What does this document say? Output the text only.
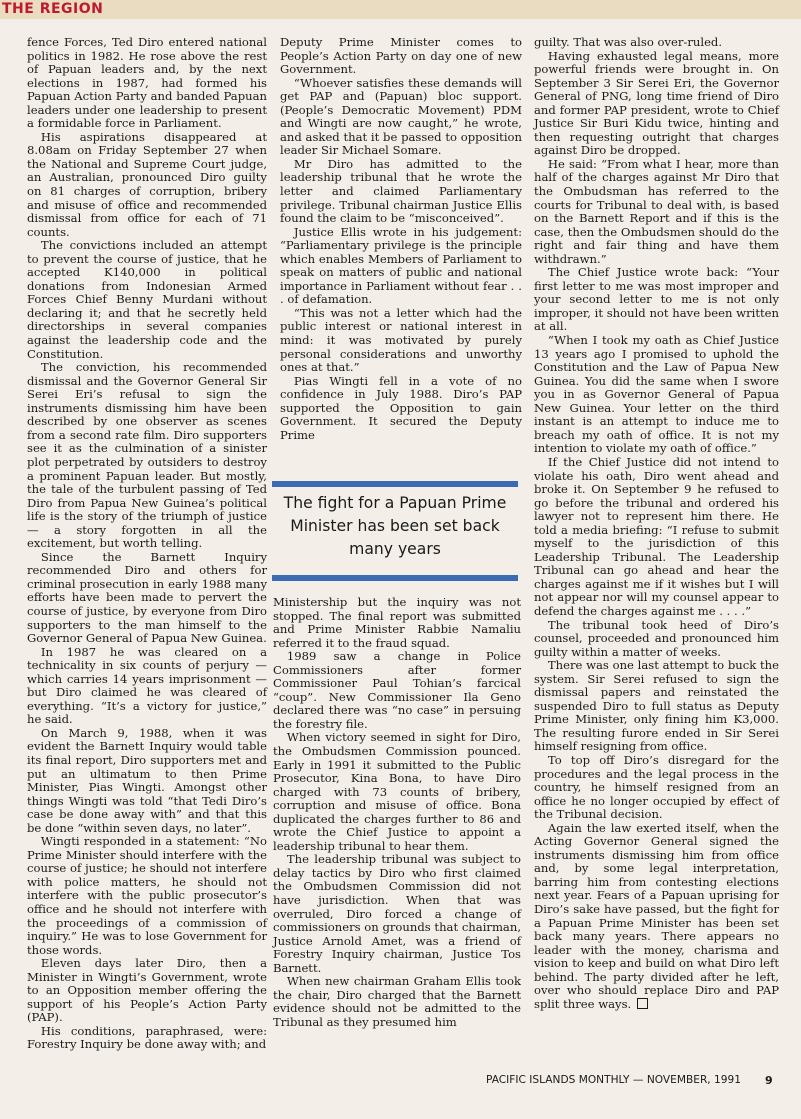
THE REGION

fence Forces, Ted Diro entered national politics in 1982. He rose above the rest of Papuan leaders and, by the next elections in 1987, had formed his Papuan Action Party and banded Papuan leaders under one leadership to present a formidable force in Parliament.

His aspirations disappeared at 8.08am on Friday September 27 when the National and Supreme Court judge, an Australian, pronounced Diro guilty on 81 charges of corruption, bribery and misuse of office and recommended dismissal from office for each of 71 counts.

The convictions included an attempt to prevent the course of justice, that he accepted K140,000 in political donations from Indonesian Armed Forces Chief Benny Murdani without declaring it; and that he secretly held directorships in several companies against the leadership code and the Constitution.

The conviction, his recommended dismissal and the Governor General Sir Serei Eri’s refusal to sign the instruments dismissing him have been described by one observer as scenes from a second rate film. Diro supporters see it as the culmination of a sinister plot perpetrated by outsiders to destroy a prominent Papuan leader. But mostly, the tale of the turbulent passing of Ted Diro from Papua New Guinea’s political life is the story of the triumph of justice — a story forgotten in all the excitement, but worth telling.

Since the Barnett Inquiry recommended Diro and others for criminal prosecution in early 1988 many efforts have been made to pervert the course of justice, by everyone from Diro supporters to the man himself to the Governor General of Papua New Guinea.

In 1987 he was cleared on a technicality in six counts of perjury — which carries 14 years imprisonment — but Diro claimed he was cleared of everything. “It’s a victory for justice,” he said.

On March 9, 1988, when it was evident the Barnett Inquiry would table its final report, Diro supporters met and put an ultimatum to then Prime Minister, Pias Wingti. Amongst other things Wingti was told “that Tedi Diro’s case be done away with” and that this be done “within seven days, no later”.

Wingti responded in a statement: “No Prime Minister should interfere with the course of justice; he should not interfere with police matters, he should not interfere with the public prosecutor’s office and he should not interfere with the proceedings of a commission of inquiry.” He was to lose Government for those words.

Eleven days later Diro, then a Minister in Wingti’s Government, wrote to an Opposition member offering the support of his People’s Action Party (PAP).

His conditions, paraphrased, were: Forestry Inquiry be done away with; and

Deputy Prime Minister comes to People’s Action Party on day one of new Government.

“Whoever satisfies these demands will get PAP and (Papuan) bloc support. (People’s Democratic Movement) PDM and Wingti are now caught,” he wrote, and asked that it be passed to opposition leader Sir Michael Somare.

Mr Diro has admitted to the leadership tribunal that he wrote the letter and claimed Parliamentary privilege. Tribunal chairman Justice Ellis found the claim to be “misconceived”.

Justice Ellis wrote in his judgement: “Parliamentary privilege is the principle which enables Members of Parliament to speak on matters of public and national importance in Parliament without fear . . . of defamation.

“This was not a letter which had the public interest or national interest in mind: it was motivated by purely personal considerations and unworthy ones at that.”

Pias Wingti fell in a vote of no confidence in July 1988. Diro’s PAP supported the Opposition to gain Government. It secured the Deputy Prime

The fight for a Papuan Prime Minister has been set back many years

Ministership but the inquiry was not stopped. The final report was submitted and Prime Minister Rabbie Namaliu referred it to the fraud squad.

1989 saw a change in Police Commissioners after former Commissioner Paul Tohian’s farcical “coup”. New Commissioner Ila Geno declared there was “no case” in persuing the forestry file.

When victory seemed in sight for Diro, the Ombudsmen Commission pounced. Early in 1991 it submitted to the Public Prosecutor, Kina Bona, to have Diro charged with 73 counts of bribery, corruption and misuse of office. Bona duplicated the charges further to 86 and wrote the Chief Justice to appoint a leadership tribunal to hear them.

The leadership tribunal was subject to delay tactics by Diro who first claimed the Ombudsmen Commission did not have jurisdiction. When that was overruled, Diro forced a change of commissioners on grounds that chairman, Justice Arnold Amet, was a friend of Forestry Inquiry chairman, Justice Tos Barnett.

When new chairman Graham Ellis took the chair, Diro charged that the Barnett evidence should not be admitted to the Tribunal as they presumed him

guilty. That was also over-ruled.

Having exhausted legal means, more powerful friends were brought in. On September 3 Sir Serei Eri, the Governor General of PNG, long time friend of Diro and former PAP president, wrote to Chief Justice Sir Buri Kidu twice, hinting and then requesting outright that charges against Diro be dropped.

He said: “From what I hear, more than half of the charges against Mr Diro that the Ombudsman has referred to the courts for Tribunal to deal with, is based on the Barnett Report and if this is the case, then the Ombudsmen should do the right and fair thing and have them withdrawn.”

The Chief Justice wrote back: “Your first letter to me was most improper and your second letter to me is not only improper, it should not have been written at all.

“When I took my oath as Chief Justice 13 years ago I promised to uphold the Constitution and the Law of Papua New Guinea. You did the same when I swore you in as Governor General of Papua New Guinea. Your letter on the third instant is an attempt to induce me to breach my oath of office. It is not my intention to violate my oath of office.”

If the Chief Justice did not intend to violate his oath, Diro went ahead and broke it. On September 9 he refused to go before the tribunal and ordered his lawyer not to represent him there. He told a media briefing: “I refuse to submit myself to the jurisdiction of this Leadership Tribunal. The Leadership Tribunal can go ahead and hear the charges against me if it wishes but I will not appear nor will my counsel appear to defend the charges against me . . . .”

The tribunal took heed of Diro’s counsel, proceeded and pronounced him guilty within a matter of weeks.

There was one last attempt to buck the system. Sir Serei refused to sign the dismissal papers and reinstated the suspended Diro to full status as Deputy Prime Minister, only fining him K3,000. The resulting furore ended in Sir Serei himself resigning from office.

To top off Diro’s disregard for the procedures and the legal process in the country, he himself resigned from an office he no longer occupied by effect of the Tribunal decision.

Again the law exerted itself, when the Acting Governor General signed the instruments dismissing him from office and, by some legal interpretation, barring him from contesting elections next year. Fears of a Papuan uprising for Diro’s sake have passed, but the fight for a Papuan Prime Minister has been set back many years. There appears no leader with the money, charisma and vision to keep and build on what Diro left behind. The party divided after he left, over who should replace Diro and PAP split three ways.

PACIFIC ISLANDS MONTHLY — NOVEMBER, 1991 9
